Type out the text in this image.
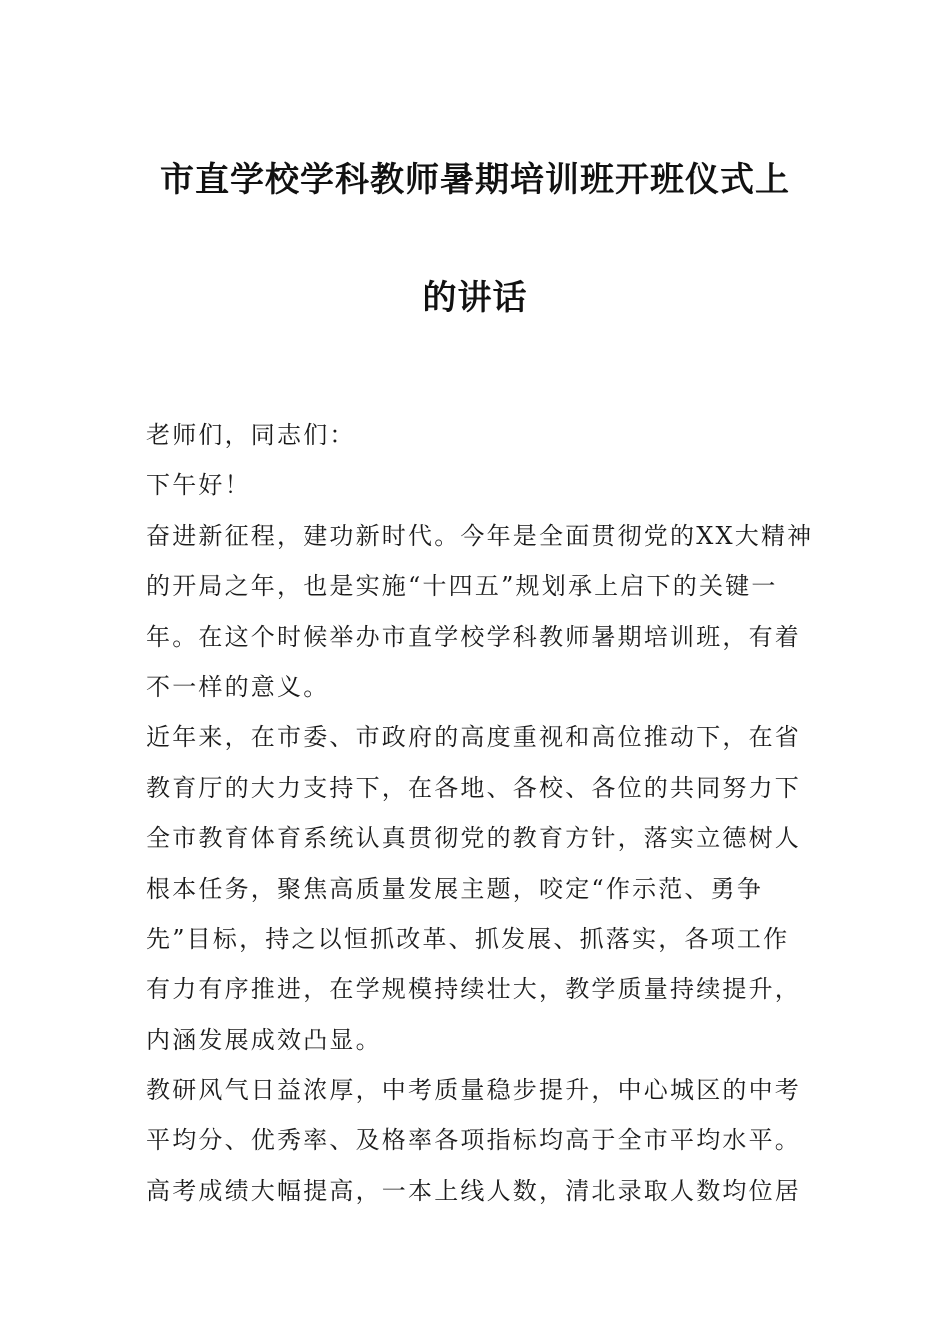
市直学校学科教师暑期培训班开班仪式上
的讲话
老师们，同志们：
下午好！
奋进新征程，建功新时代。今年是全面贯彻党的XX大精神
的开局之年，也是实施“十四五”规划承上启下的关键一
年。在这个时候举办市直学校学科教师暑期培训班，有着
不一样的意义。
近年来，在市委、市政府的高度重视和高位推动下，在省
教育厅的大力支持下，在各地、各校、各位的共同努力下
全市教育体育系统认真贯彻党的教育方针，落实立德树人
根本任务，聚焦高质量发展主题，咬定“作示范、勇争
先”目标，持之以恒抓改革、抓发展、抓落实，各项工作
有力有序推进，在学规模持续壮大，教学质量持续提升，
内涵发展成效凸显。
教研风气日益浓厚，中考质量稳步提升，中心城区的中考
平均分、优秀率、及格率各项指标均高于全市平均水平。
高考成绩大幅提高，一本上线人数，清北录取人数均位居
